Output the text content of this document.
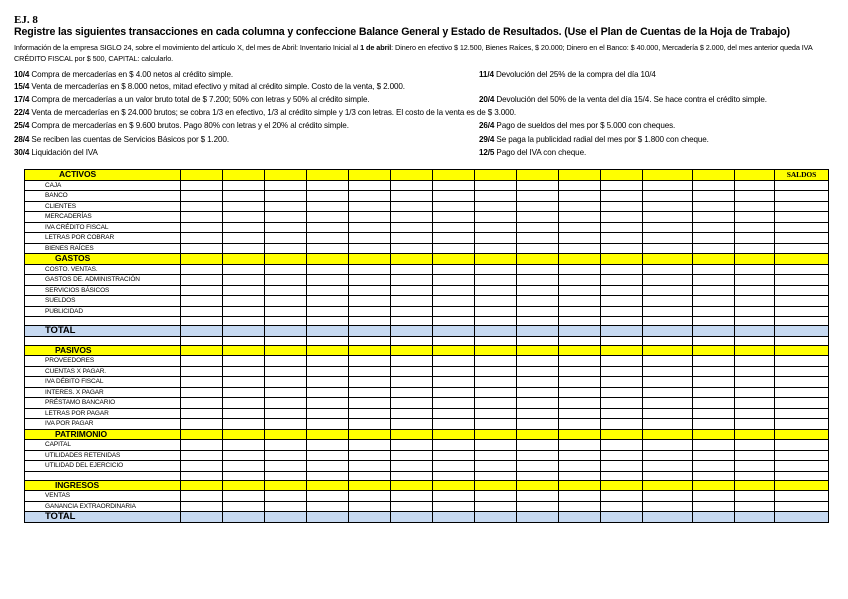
EJ. 8
Registre las siguientes transacciones en cada columna y confeccione Balance General y Estado de Resultados. (Use el Plan de Cuentas de la Hoja de Trabajo)
Información de la empresa SIGLO 24, sobre el movimiento del artículo X, del mes de Abril: Inventario Inicial al 1 de abril: Dinero en efectivo $ 12.500, Bienes Raíces, $ 20.000; Dinero en el Banco: $ 40.000, Mercadería $ 2.000, del mes anterior queda IVA CRÉDITO FISCAL por $ 500, CAPITAL: calcularlo.
10/4 Compra de mercaderías en $ 4.00 netos al crédito simple.
15/4 Venta de mercaderías en $ 8.000 netos, mitad efectivo y mitad al crédito simple. Costo de la venta, $ 2.000.
17/4 Compra de mercaderías a un valor bruto total de $ 7.200; 50% con letras y 50% al crédito simple.
22/4 Venta de mercaderías en $ 24.000 brutos; se cobra 1/3 en efectivo, 1/3 al crédito simple y 1/3 con letras. El costo de la venta es de $ 3.000.
25/4 Compra de mercaderías en $ 9.600 brutos. Pago 80% con letras y el 20% al crédito simple.
28/4 Se reciben las cuentas de Servicios Básicos por $ 1.200.
30/4 Liquidación del IVA
11/4 Devolución del 25% de la compra del día 10/4
20/4 Devolución del 50% de la venta del día 15/4. Se hace contra el crédito simple.
26/4 Pago de sueldos del mes por $ 5.000 con cheques.
29/4 Se paga la publicidad radial del mes por $ 1.800 con cheque.
12/5 Pago del IVA con cheque.
ACTIVOS															SALDOS
CAJA															
BANCO															
CLIENTES															
MERCADERÍAS															
IVA CRÉDITO FISCAL															
LETRAS POR COBRAR															
BIENES RAÍCES															
GASTOS															
COSTO. VENTAS.															
GASTOS DE. ADMINISTRACIÓN															
SERVICIOS BÁSICOS															
SUELDOS															
PUBLICIDAD															

TOTAL															

PASIVOS															
PROVEEDORES															
CUENTAS X PAGAR.															
IVA DÉBITO FISCAL															
INTERES. X PAGAR															
PRÉSTAMO BANCARIO															
LETRAS POR PAGAR															
IVA POR PAGAR															
PATRIMONIO															
CAPITAL															
UTILIDADES RETENIDAS															
UTILIDAD DEL EJERCICIO															

INGRESOS															
VENTAS															
GANANCIA EXTRAORDINARIA															
TOTAL															
